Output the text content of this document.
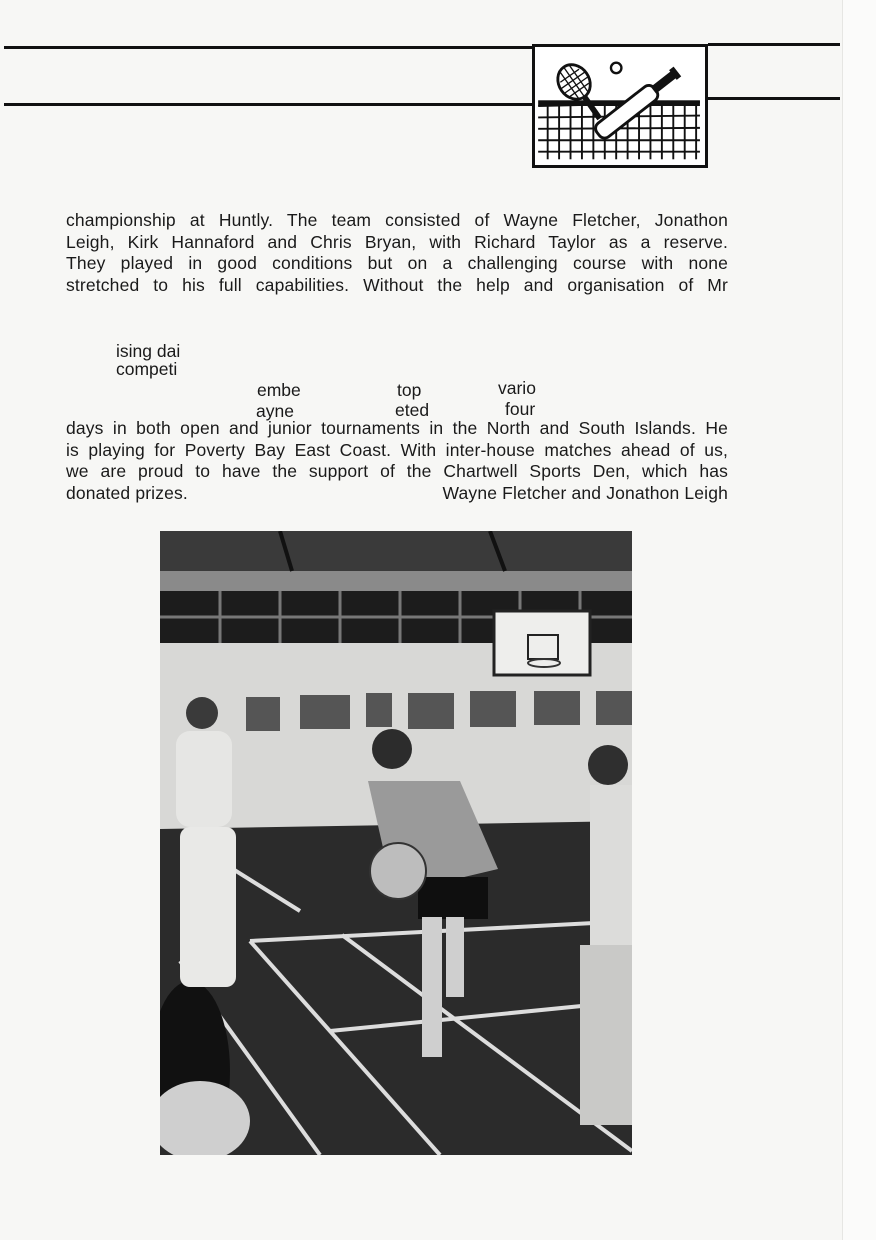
championship at Huntly. The team consisted of Wayne Fletcher, Jonathon
Leigh, Kirk Hannaford and Chris Bryan, with Richard Taylor as a reserve.
They played in good conditions but on a challenging course with none
stretched to his full capabilities. Without the help and organisation of Mr
ising dai
competi
embe	top	vario
ayne	eted	four
days in both open and junior tournaments in the North and South Islands. He
is playing for Poverty Bay East Coast. With inter-house matches ahead of us,
we are proud to have the support of the Chartwell Sports Den, which has
donated prizes.	Wayne Fletcher and Jonathon Leigh
